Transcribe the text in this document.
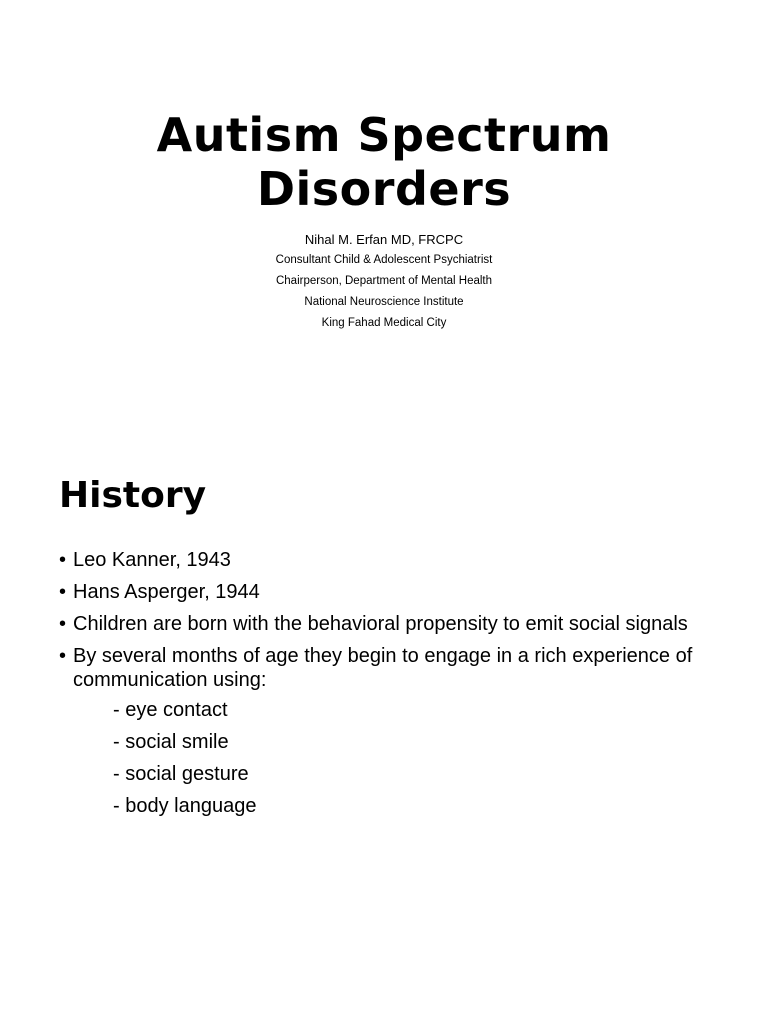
Autism Spectrum
Disorders
Nihal M. Erfan MD, FRCPC
Consultant Child & Adolescent Psychiatrist
Chairperson, Department of Mental Health
National Neuroscience Institute
King Fahad Medical City
History
• Leo Kanner, 1943
• Hans Asperger, 1944
• Children are born with the behavioral propensity to emit social signals
• By several months of age they begin to engage in a rich experience of communication using:
- eye contact
- social smile
- social gesture
- body language
